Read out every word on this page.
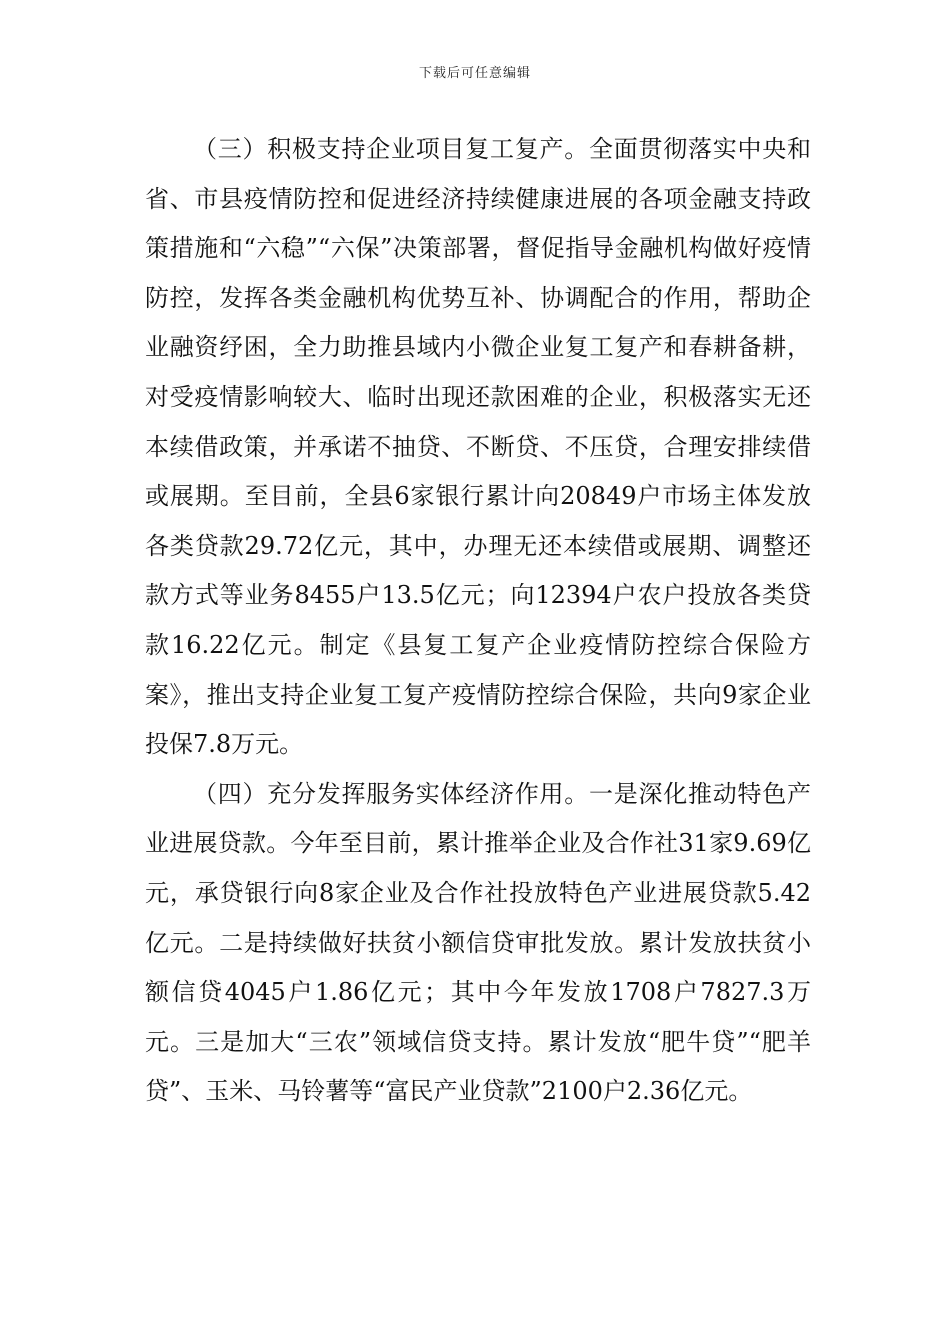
下载后可任意编辑

（三）积极支持企业项目复工复产。全面贯彻落实中央和省、市县疫情防控和促进经济持续健康进展的各项金融支持政策措施和“六稳”“六保”决策部署，督促指导金融机构做好疫情防控，发挥各类金融机构优势互补、协调配合的作用，帮助企业融资纾困，全力助推县域内小微企业复工复产和春耕备耕，对受疫情影响较大、临时出现还款困难的企业，积极落实无还本续借政策，并承诺不抽贷、不断贷、不压贷，合理安排续借或展期。至目前，全县6家银行累计向20849户市场主体发放各类贷款29.72亿元，其中，办理无还本续借或展期、调整还款方式等业务8455户13.5亿元；向12394户农户投放各类贷款16.22亿元。制定《县复工复产企业疫情防控综合保险方案》，推出支持企业复工复产疫情防控综合保险，共向9家企业投保7.8万元。

（四）充分发挥服务实体经济作用。一是深化推动特色产业进展贷款。今年至目前，累计推举企业及合作社31家9.69亿元，承贷银行向8家企业及合作社投放特色产业进展贷款5.42亿元。二是持续做好扶贫小额信贷审批发放。累计发放扶贫小额信贷4045户1.86亿元；其中今年发放1708户7827.3万元。三是加大“三农”领域信贷支持。累计发放“肥牛贷”“肥羊贷”、玉米、马铃薯等“富民产业贷款”2100户2.36亿元。
